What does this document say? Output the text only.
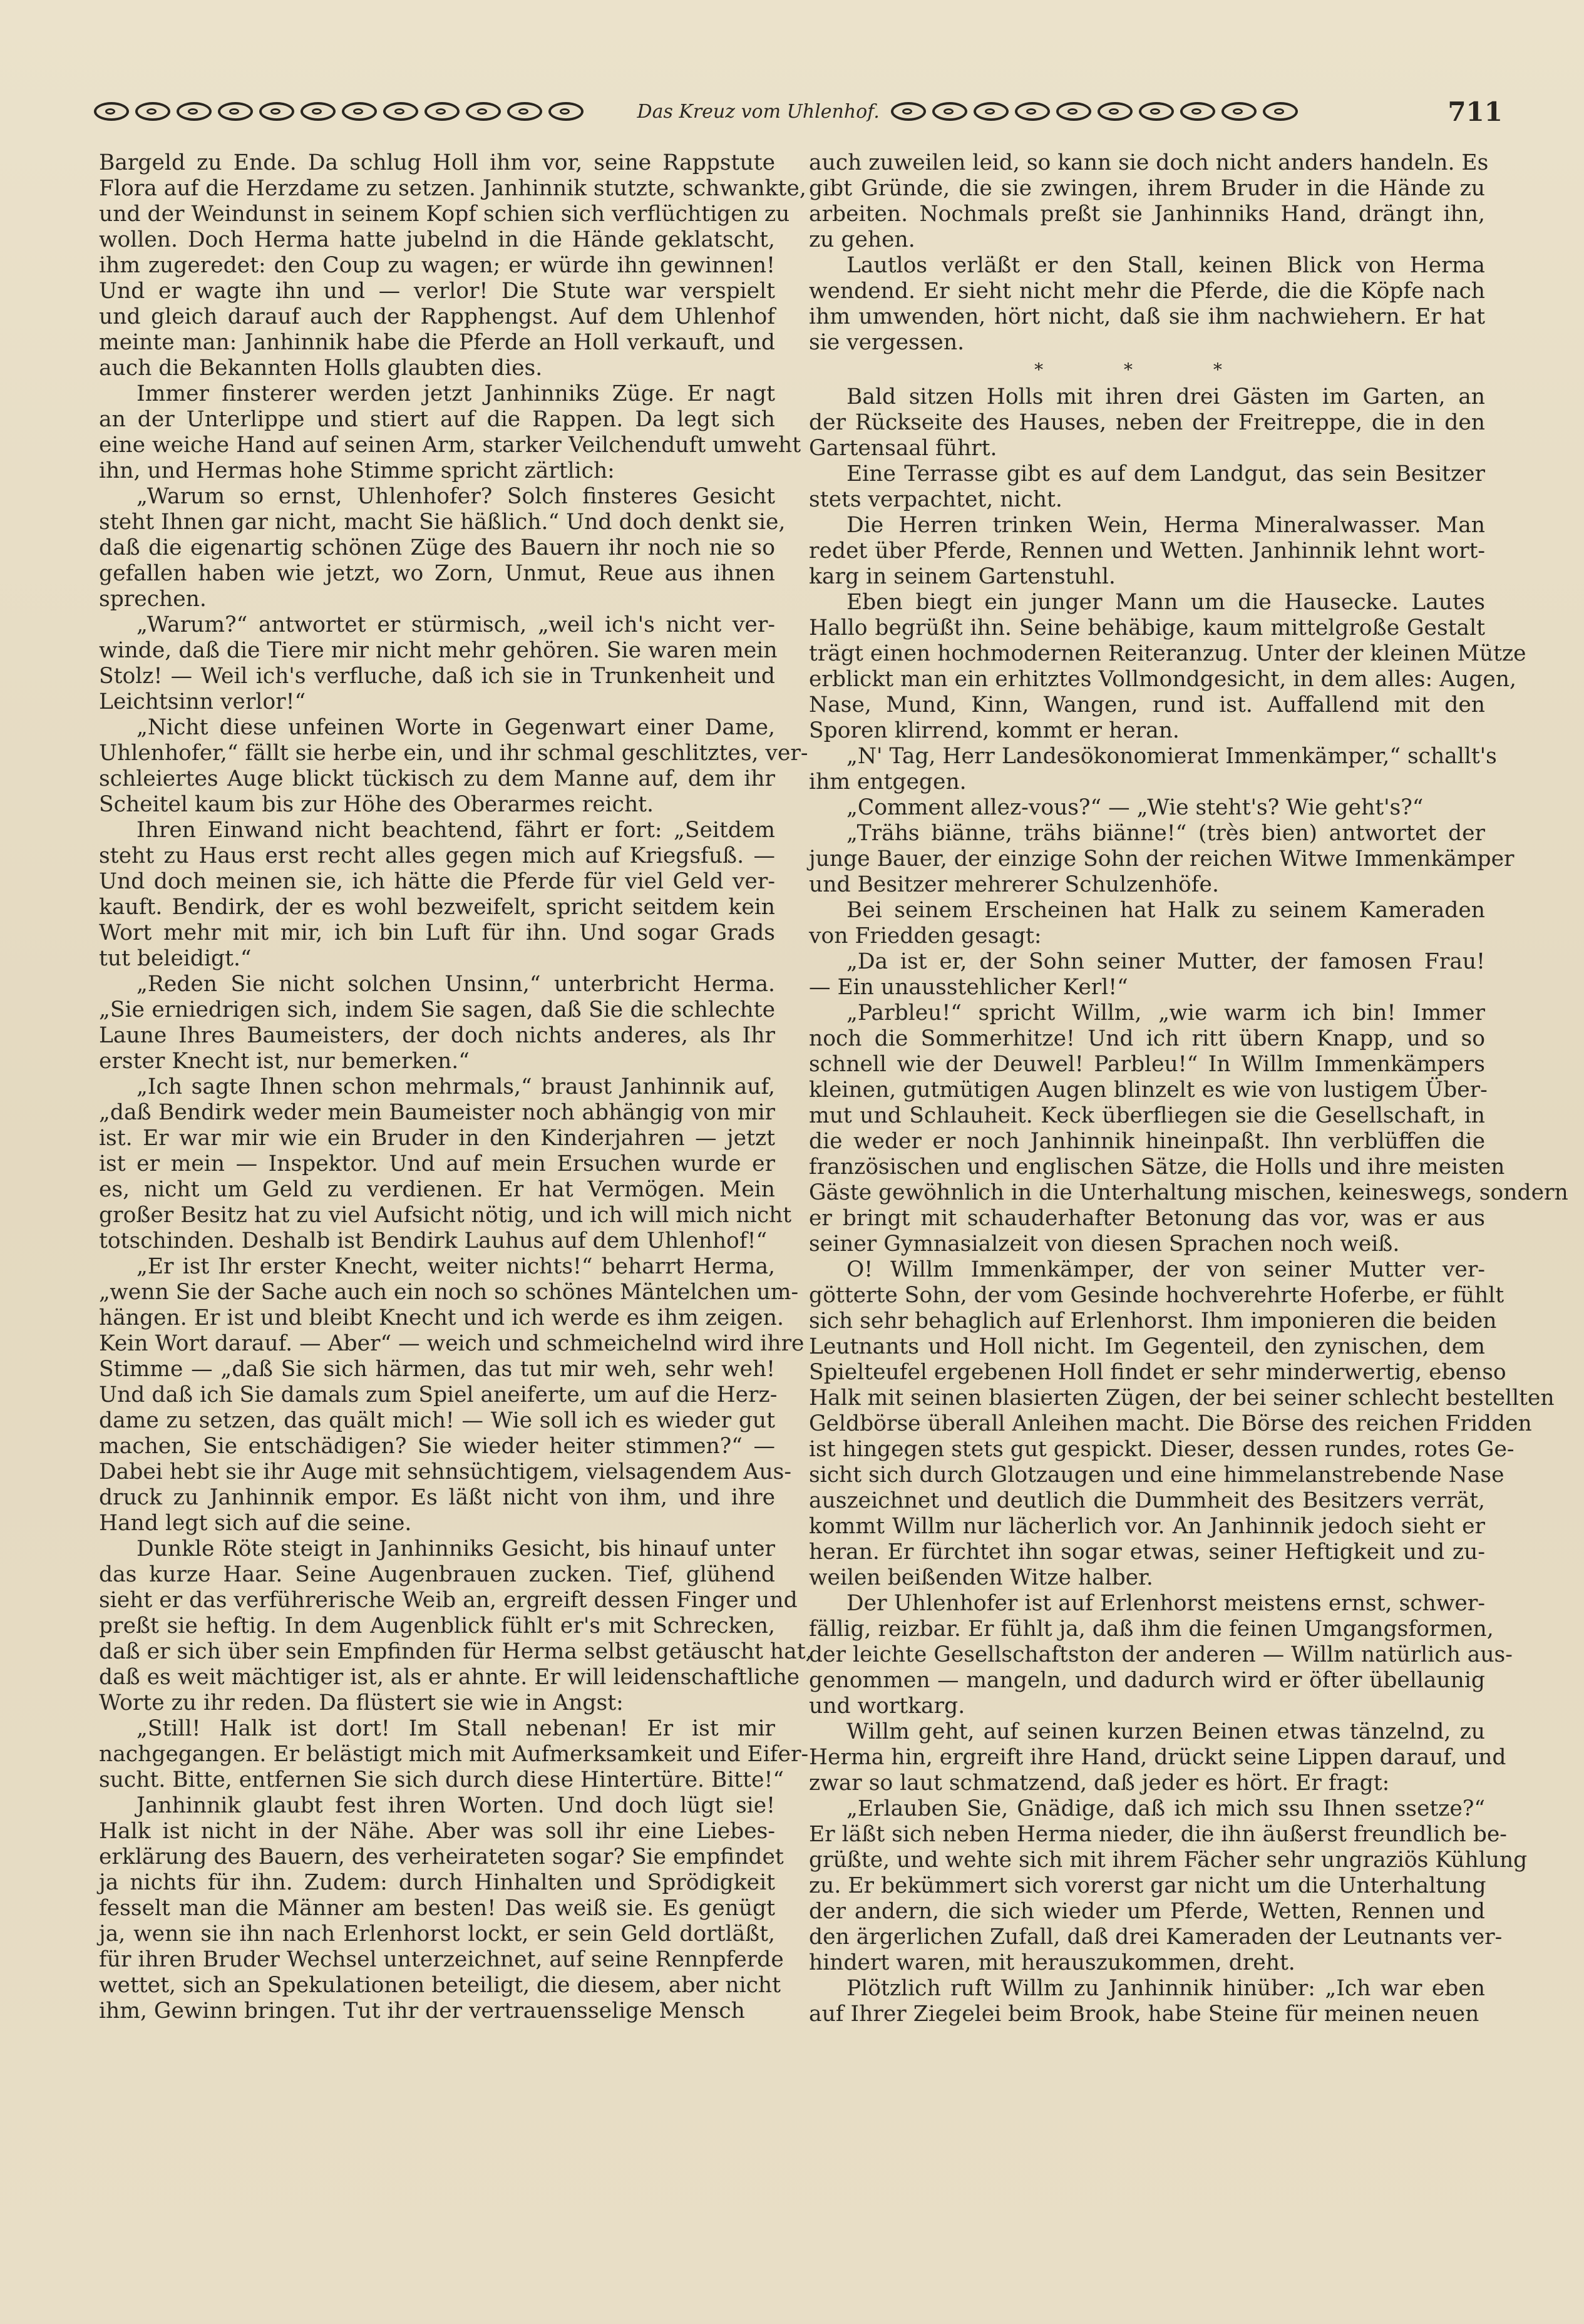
Das Kreuz vom Uhlenhof.	711

Bargeld zu Ende. Da schlug Holl ihm vor, seine Rappstute
Flora auf die Herzdame zu setzen. Janhinnik stutzte, schwankte,
und der Weindunst in seinem Kopf schien sich verflüchtigen zu
wollen. Doch Herma hatte jubelnd in die Hände geklatscht,
ihm zugeredet: den Coup zu wagen; er würde ihn gewinnen!
Und er wagte ihn und — verlor! Die Stute war verspielt
und gleich darauf auch der Rapphengst. Auf dem Uhlenhof
meinte man: Janhinnik habe die Pferde an Holl verkauft, und
auch die Bekannten Holls glaubten dies.

Immer finsterer werden jetzt Janhinniks Züge. Er nagt
an der Unterlippe und stiert auf die Rappen. Da legt sich
eine weiche Hand auf seinen Arm, starker Veilchenduft umweht
ihn, und Hermas hohe Stimme spricht zärtlich:

„Warum so ernst, Uhlenhofer? Solch finsteres Gesicht
steht Ihnen gar nicht, macht Sie häßlich.“ Und doch denkt sie,
daß die eigenartig schönen Züge des Bauern ihr noch nie so
gefallen haben wie jetzt, wo Zorn, Unmut, Reue aus ihnen
sprechen.

„Warum?“ antwortet er stürmisch, „weil ich's nicht ver-
winde, daß die Tiere mir nicht mehr gehören. Sie waren mein
Stolz! — Weil ich's verfluche, daß ich sie in Trunkenheit und
Leichtsinn verlor!“

„Nicht diese unfeinen Worte in Gegenwart einer Dame,
Uhlenhofer,“ fällt sie herbe ein, und ihr schmal geschlitztes, ver-
schleiertes Auge blickt tückisch zu dem Manne auf, dem ihr
Scheitel kaum bis zur Höhe des Oberarmes reicht.

Ihren Einwand nicht beachtend, fährt er fort: „Seitdem
steht zu Haus erst recht alles gegen mich auf Kriegsfuß. —
Und doch meinen sie, ich hätte die Pferde für viel Geld ver-
kauft. Bendirk, der es wohl bezweifelt, spricht seitdem kein
Wort mehr mit mir, ich bin Luft für ihn. Und sogar Grads
tut beleidigt.“

„Reden Sie nicht solchen Unsinn,“ unterbricht Herma.
„Sie erniedrigen sich, indem Sie sagen, daß Sie die schlechte
Laune Ihres Baumeisters, der doch nichts anderes, als Ihr
erster Knecht ist, nur bemerken.“

„Ich sagte Ihnen schon mehrmals,“ braust Janhinnik auf,
„daß Bendirk weder mein Baumeister noch abhängig von mir
ist. Er war mir wie ein Bruder in den Kinderjahren — jetzt
ist er mein — Inspektor. Und auf mein Ersuchen wurde er
es, nicht um Geld zu verdienen. Er hat Vermögen. Mein
großer Besitz hat zu viel Aufsicht nötig, und ich will mich nicht
totschinden. Deshalb ist Bendirk Lauhus auf dem Uhlenhof!“

„Er ist Ihr erster Knecht, weiter nichts!“ beharrt Herma,
„wenn Sie der Sache auch ein noch so schönes Mäntelchen um-
hängen. Er ist und bleibt Knecht und ich werde es ihm zeigen.
Kein Wort darauf. — Aber“ — weich und schmeichelnd wird ihre
Stimme — „daß Sie sich härmen, das tut mir weh, sehr weh!
Und daß ich Sie damals zum Spiel aneiferte, um auf die Herz-
dame zu setzen, das quält mich! — Wie soll ich es wieder gut
machen, Sie entschädigen? Sie wieder heiter stimmen?“ —
Dabei hebt sie ihr Auge mit sehnsüchtigem, vielsagendem Aus-
druck zu Janhinnik empor. Es läßt nicht von ihm, und ihre
Hand legt sich auf die seine.

Dunkle Röte steigt in Janhinniks Gesicht, bis hinauf unter
das kurze Haar. Seine Augenbrauen zucken. Tief, glühend
sieht er das verführerische Weib an, ergreift dessen Finger und
preßt sie heftig. In dem Augenblick fühlt er's mit Schrecken,
daß er sich über sein Empfinden für Herma selbst getäuscht hat,
daß es weit mächtiger ist, als er ahnte. Er will leidenschaftliche
Worte zu ihr reden. Da flüstert sie wie in Angst:

„Still! Halk ist dort! Im Stall nebenan! Er ist mir
nachgegangen. Er belästigt mich mit Aufmerksamkeit und Eifer-
sucht. Bitte, entfernen Sie sich durch diese Hintertüre. Bitte!“

Janhinnik glaubt fest ihren Worten. Und doch lügt sie!
Halk ist nicht in der Nähe. Aber was soll ihr eine Liebes-
erklärung des Bauern, des verheirateten sogar? Sie empfindet
ja nichts für ihn. Zudem: durch Hinhalten und Sprödigkeit
fesselt man die Männer am besten! Das weiß sie. Es genügt
ja, wenn sie ihn nach Erlenhorst lockt, er sein Geld dortläßt,
für ihren Bruder Wechsel unterzeichnet, auf seine Rennpferde
wettet, sich an Spekulationen beteiligt, die diesem, aber nicht
ihm, Gewinn bringen. Tut ihr der vertrauensselige Mensch

auch zuweilen leid, so kann sie doch nicht anders handeln. Es
gibt Gründe, die sie zwingen, ihrem Bruder in die Hände zu
arbeiten. Nochmals preßt sie Janhinniks Hand, drängt ihn,
zu gehen.

Lautlos verläßt er den Stall, keinen Blick von Herma
wendend. Er sieht nicht mehr die Pferde, die die Köpfe nach
ihm umwenden, hört nicht, daß sie ihm nachwiehern. Er hat
sie vergessen.

* * *

Bald sitzen Holls mit ihren drei Gästen im Garten, an
der Rückseite des Hauses, neben der Freitreppe, die in den
Gartensaal führt.

Eine Terrasse gibt es auf dem Landgut, das sein Besitzer
stets verpachtet, nicht.

Die Herren trinken Wein, Herma Mineralwasser. Man
redet über Pferde, Rennen und Wetten. Janhinnik lehnt wort-
karg in seinem Gartenstuhl.

Eben biegt ein junger Mann um die Hausecke. Lautes
Hallo begrüßt ihn. Seine behäbige, kaum mittelgroße Gestalt
trägt einen hochmodernen Reiteranzug. Unter der kleinen Mütze
erblickt man ein erhitztes Vollmondgesicht, in dem alles: Augen,
Nase, Mund, Kinn, Wangen, rund ist. Auffallend mit den
Sporen klirrend, kommt er heran.

„N' Tag, Herr Landesökonomierat Immenkämper,“ schallt's
ihm entgegen.

„Comment allez-vous?“ — „Wie steht's? Wie geht's?“

„Trähs biänne, trähs biänne!“ (très bien) antwortet der
junge Bauer, der einzige Sohn der reichen Witwe Immenkämper
und Besitzer mehrerer Schulzenhöfe.

Bei seinem Erscheinen hat Halk zu seinem Kameraden
von Friedden gesagt:

„Da ist er, der Sohn seiner Mutter, der famosen Frau!
— Ein unausstehlicher Kerl!“

„Parbleu!“ spricht Willm, „wie warm ich bin! Immer
noch die Sommerhitze! Und ich ritt übern Knapp, und so
schnell wie der Deuwel! Parbleu!“ In Willm Immenkämpers
kleinen, gutmütigen Augen blinzelt es wie von lustigem Über-
mut und Schlauheit. Keck überfliegen sie die Gesellschaft, in
die weder er noch Janhinnik hineinpaßt. Ihn verblüffen die
französischen und englischen Sätze, die Holls und ihre meisten
Gäste gewöhnlich in die Unterhaltung mischen, keineswegs, sondern
er bringt mit schauderhafter Betonung das vor, was er aus
seiner Gymnasialzeit von diesen Sprachen noch weiß.

O! Willm Immenkämper, der von seiner Mutter ver-
götterte Sohn, der vom Gesinde hochverehrte Hoferbe, er fühlt
sich sehr behaglich auf Erlenhorst. Ihm imponieren die beiden
Leutnants und Holl nicht. Im Gegenteil, den zynischen, dem
Spielteufel ergebenen Holl findet er sehr minderwertig, ebenso
Halk mit seinen blasierten Zügen, der bei seiner schlecht bestellten
Geldbörse überall Anleihen macht. Die Börse des reichen Fridden
ist hingegen stets gut gespickt. Dieser, dessen rundes, rotes Ge-
sicht sich durch Glotzaugen und eine himmelanstrebende Nase
auszeichnet und deutlich die Dummheit des Besitzers verrät,
kommt Willm nur lächerlich vor. An Janhinnik jedoch sieht er
heran. Er fürchtet ihn sogar etwas, seiner Heftigkeit und zu-
weilen beißenden Witze halber.

Der Uhlenhofer ist auf Erlenhorst meistens ernst, schwer-
fällig, reizbar. Er fühlt ja, daß ihm die feinen Umgangsformen,
der leichte Gesellschaftston der anderen — Willm natürlich aus-
genommen — mangeln, und dadurch wird er öfter übellaunig
und wortkarg.

Willm geht, auf seinen kurzen Beinen etwas tänzelnd, zu
Herma hin, ergreift ihre Hand, drückt seine Lippen darauf, und
zwar so laut schmatzend, daß jeder es hört. Er fragt:

„Erlauben Sie, Gnädige, daß ich mich ssu Ihnen ssetze?“
Er läßt sich neben Herma nieder, die ihn äußerst freundlich be-
grüßte, und wehte sich mit ihrem Fächer sehr ungraziös Kühlung
zu. Er bekümmert sich vorerst gar nicht um die Unterhaltung
der andern, die sich wieder um Pferde, Wetten, Rennen und
den ärgerlichen Zufall, daß drei Kameraden der Leutnants ver-
hindert waren, mit herauszukommen, dreht.

Plötzlich ruft Willm zu Janhinnik hinüber: „Ich war eben
auf Ihrer Ziegelei beim Brook, habe Steine für meinen neuen
